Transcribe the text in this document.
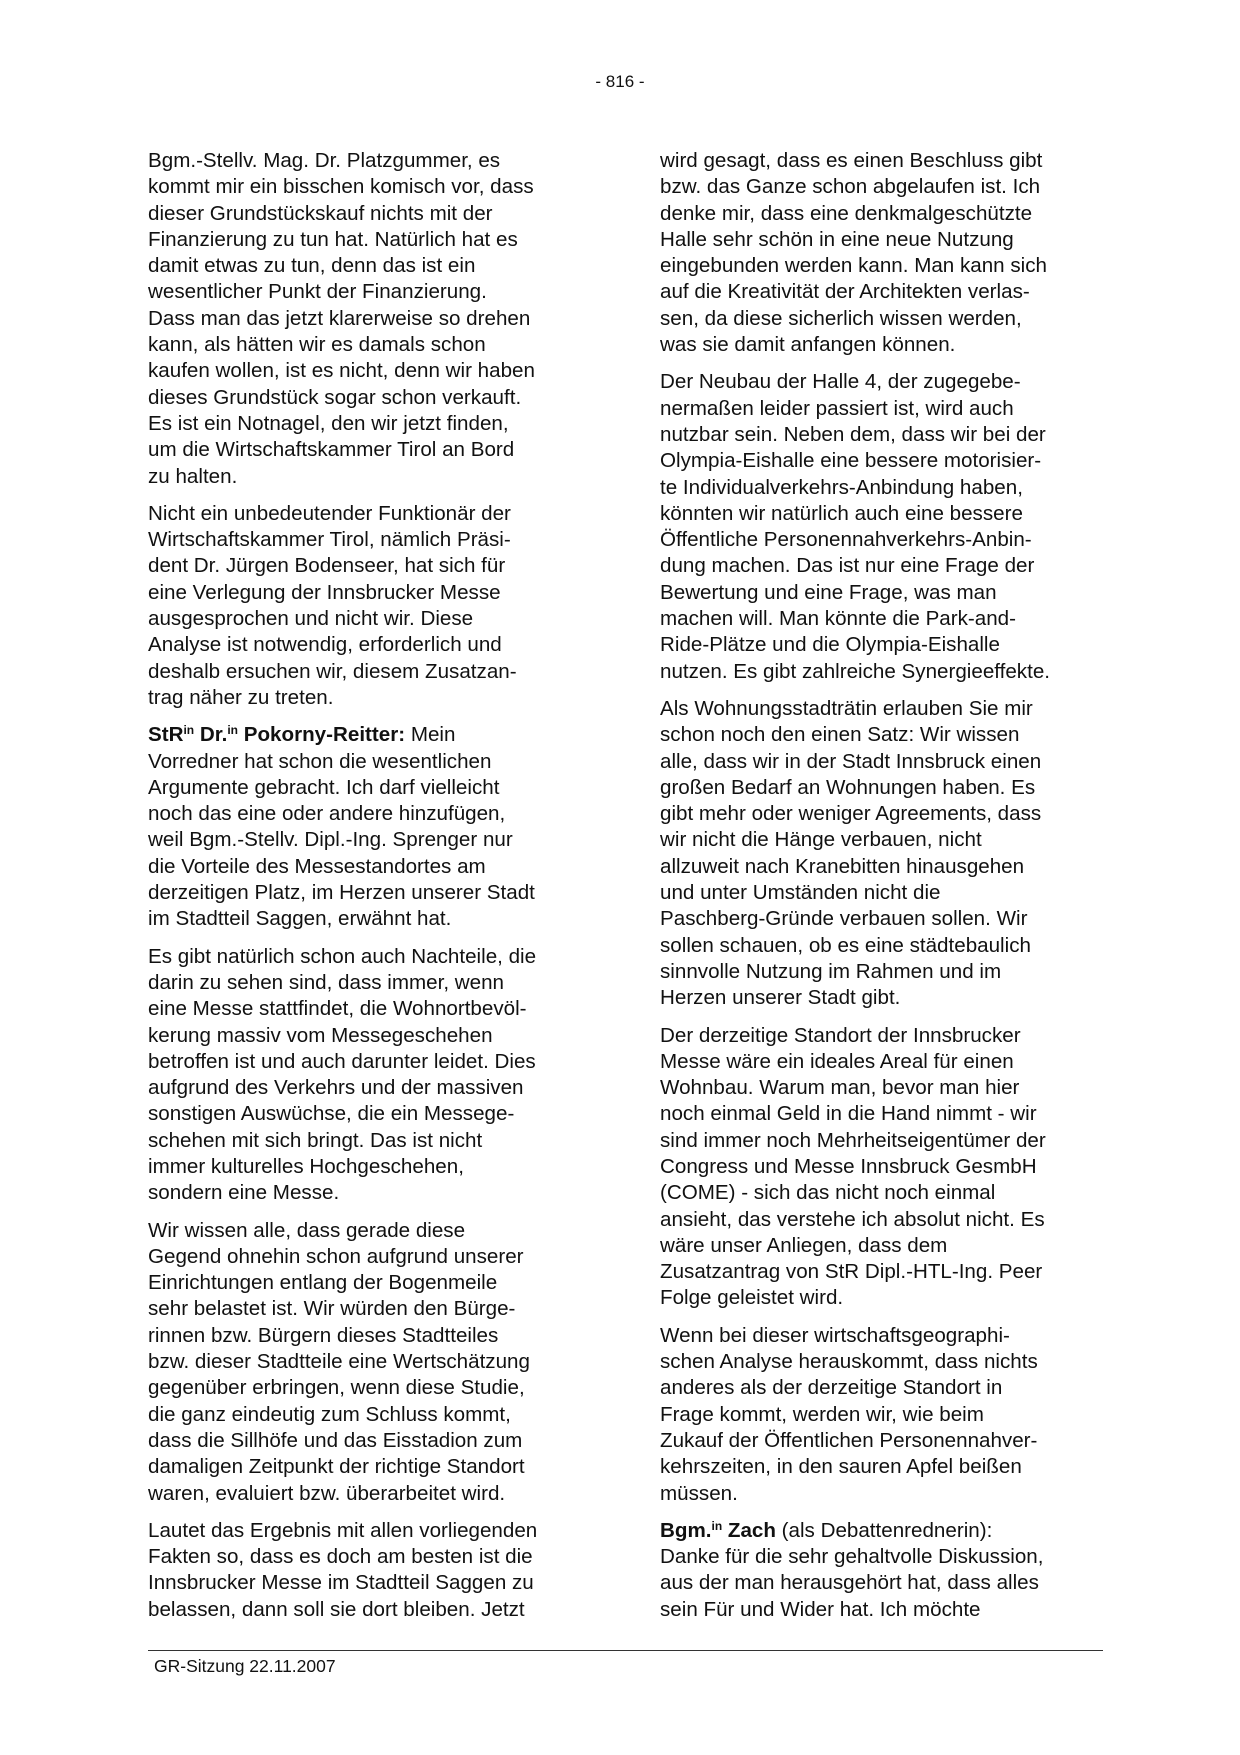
- 816 -

Bgm.-Stellv. Mag. Dr. Platzgummer, es
kommt mir ein bisschen komisch vor, dass
dieser Grundstückskauf nichts mit der
Finanzierung zu tun hat. Natürlich hat es
damit etwas zu tun, denn das ist ein
wesentlicher Punkt der Finanzierung.
Dass man das jetzt klarerweise so drehen
kann, als hätten wir es damals schon
kaufen wollen, ist es nicht, denn wir haben
dieses Grundstück sogar schon verkauft.
Es ist ein Notnagel, den wir jetzt finden,
um die Wirtschaftskammer Tirol an Bord
zu halten.

Nicht ein unbedeutender Funktionär der
Wirtschaftskammer Tirol, nämlich Präsi-
dent Dr. Jürgen Bodenseer, hat sich für
eine Verlegung der Innsbrucker Messe
ausgesprochen und nicht wir. Diese
Analyse ist notwendig, erforderlich und
deshalb ersuchen wir, diesem Zusatzan-
trag näher zu treten.

StR$^{in}$ Dr.$^{in}$ Pokorny-Reitter: Mein
Vorredner hat schon die wesentlichen
Argumente gebracht. Ich darf vielleicht
noch das eine oder andere hinzufügen,
weil Bgm.-Stellv. Dipl.-Ing. Sprenger nur
die Vorteile des Messestandortes am
derzeitigen Platz, im Herzen unserer Stadt
im Stadtteil Saggen, erwähnt hat.

Es gibt natürlich schon auch Nachteile, die
darin zu sehen sind, dass immer, wenn
eine Messe stattfindet, die Wohnortbevöl-
kerung massiv vom Messegeschehen
betroffen ist und auch darunter leidet. Dies
aufgrund des Verkehrs und der massiven
sonstigen Auswüchse, die ein Messege-
schehen mit sich bringt. Das ist nicht
immer kulturelles Hochgeschehen,
sondern eine Messe.

Wir wissen alle, dass gerade diese
Gegend ohnehin schon aufgrund unserer
Einrichtungen entlang der Bogenmeile
sehr belastet ist. Wir würden den Bürge-
rinnen bzw. Bürgern dieses Stadtteiles
bzw. dieser Stadtteile eine Wertschätzung
gegenüber erbringen, wenn diese Studie,
die ganz eindeutig zum Schluss kommt,
dass die Sillhöfe und das Eisstadion zum
damaligen Zeitpunkt der richtige Standort
waren, evaluiert bzw. überarbeitet wird.

Lautet das Ergebnis mit allen vorliegenden
Fakten so, dass es doch am besten ist die
Innsbrucker Messe im Stadtteil Saggen zu
belassen, dann soll sie dort bleiben. Jetzt

wird gesagt, dass es einen Beschluss gibt
bzw. das Ganze schon abgelaufen ist. Ich
denke mir, dass eine denkmalgeschützte
Halle sehr schön in eine neue Nutzung
eingebunden werden kann. Man kann sich
auf die Kreativität der Architekten verlas-
sen, da diese sicherlich wissen werden,
was sie damit anfangen können.

Der Neubau der Halle 4, der zugegebe-
nermaßen leider passiert ist, wird auch
nutzbar sein. Neben dem, dass wir bei der
Olympia-Eishalle eine bessere motorisier-
te Individualverkehrs-Anbindung haben,
könnten wir natürlich auch eine bessere
Öffentliche Personennahverkehrs-Anbin-
dung machen. Das ist nur eine Frage der
Bewertung und eine Frage, was man
machen will. Man könnte die Park-and-
Ride-Plätze und die Olympia-Eishalle
nutzen. Es gibt zahlreiche Synergieeffekte.

Als Wohnungsstadträtin erlauben Sie mir
schon noch den einen Satz: Wir wissen
alle, dass wir in der Stadt Innsbruck einen
großen Bedarf an Wohnungen haben. Es
gibt mehr oder weniger Agreements, dass
wir nicht die Hänge verbauen, nicht
allzuweit nach Kranebitten hinausgehen
und unter Umständen nicht die
Paschberg-Gründe verbauen sollen. Wir
sollen schauen, ob es eine städtebaulich
sinnvolle Nutzung im Rahmen und im
Herzen unserer Stadt gibt.

Der derzeitige Standort der Innsbrucker
Messe wäre ein ideales Areal für einen
Wohnbau. Warum man, bevor man hier
noch einmal Geld in die Hand nimmt - wir
sind immer noch Mehrheitseigentümer der
Congress und Messe Innsbruck GesmbH
(COME) - sich das nicht noch einmal
ansieht, das verstehe ich absolut nicht. Es
wäre unser Anliegen, dass dem
Zusatzantrag von StR Dipl.-HTL-Ing. Peer
Folge geleistet wird.

Wenn bei dieser wirtschaftsgeographi-
schen Analyse herauskommt, dass nichts
anderes als der derzeitige Standort in
Frage kommt, werden wir, wie beim
Zukauf der Öffentlichen Personennahver-
kehrszeiten, in den sauren Apfel beißen
müssen.

Bgm.$^{in}$ Zach (als Debattenrednerin):
Danke für die sehr gehaltvolle Diskussion,
aus der man herausgehört hat, dass alles
sein Für und Wider hat. Ich möchte

GR-Sitzung 22.11.2007
